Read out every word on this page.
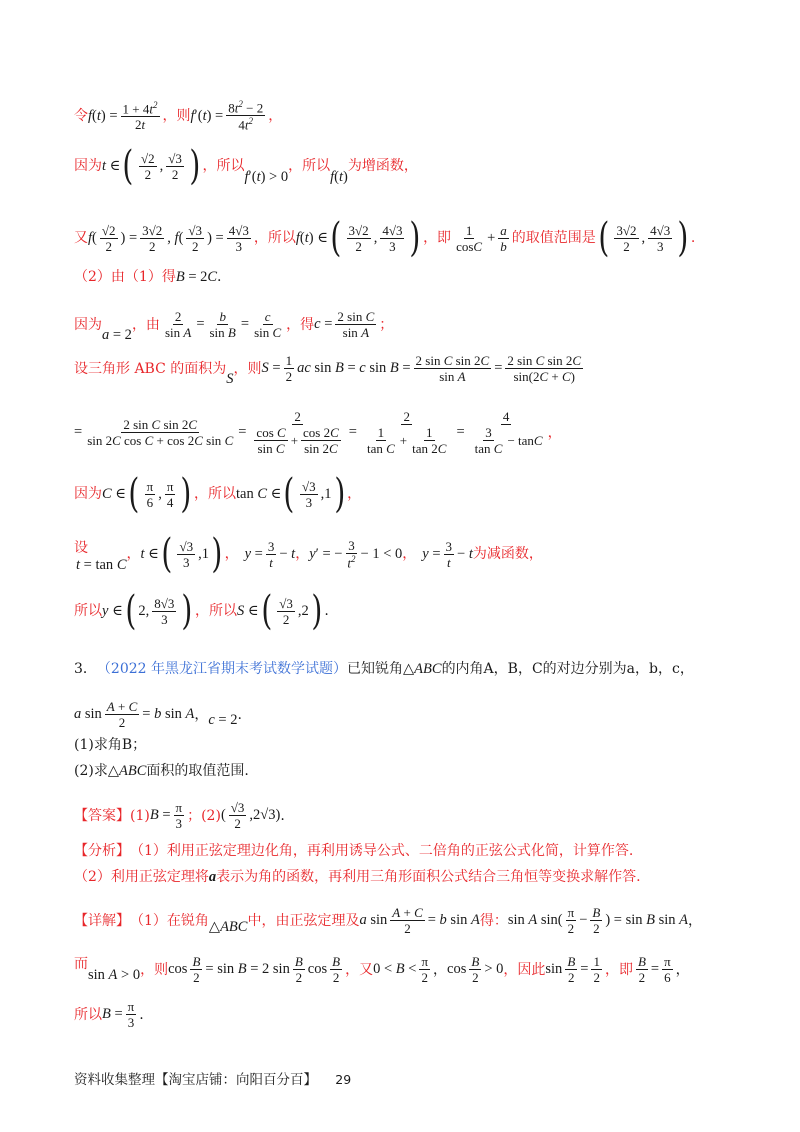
令 $f(t) = \frac{1 + 4t^2}{2t}$ ，则 $f'(t) = \frac{8t^2 - 2}{4t^2}$ ，
因为 t ∈ ( $\frac{√2}{2}$ , $\frac{√3}{2}$ ) ，所以
f′(t) > 0
，所以
f(t)
为增函数，
又 $f( \frac{√2}{2}$ ) = $\frac{3√2}{2}$ , $f( \frac{√3}{2}$ ) = $\frac{4√3}{3}$ ，所以 f(t) ∈ ( $\frac{3√2}{2}$ , $\frac{4√3}{3}$ ) ，即 $\frac{1}{\cos C} + \frac{a}{b}$ 的取值范围是 ( $\frac{3√2}{2}$ , $\frac{4√3}{3}$ ) .
（2）由（1）得 B = 2C .
因为
a = 2
，由 $\frac{2}{\text{sin A}} = \frac{b}{\text{sin B}} = \frac{c}{\text{sin C}}$ ，得 $c = \frac{\text{2 sin C}}{\text{sin A}}$ ；
设三角形 ABC 的面积为
S
，则 $S = \frac{1}{2}$ ac sin B = c $\sin B = \frac{\text{2 sin C sin 2C}}{\text{sin A}} = \frac{\text{2 sin C sin 2C}}{\sin(2C + C)}$
= $\frac{\text{2 sin C sin 2C}}{\text{sin 2C cos C + cos 2C sin C}} = \frac{2}{\frac{\text{cos C}}{\text{sin C}} + \frac{\cos 2C}{\sin 2C}} = \frac{2}{\frac{1}{\text{tan C}} + \frac{1}{\tan 2C}} = \frac{4}{\frac{3}{\text{tan C}} - \tan C}$ ，
因为 C ∈ ( $\frac{\pi}{6}$ , $\frac{\pi}{4}$ ) ，所以 tan C ∈ ( $\frac{√3}{3} ,1$ ) ，
设
t = tan C
， t ∈ ( $\frac{√3}{3} ,1$ ) ， $y = \frac{3}{t} - t$ ， y′ = − $\frac{3}{t^2} - 1 < 0$ ， $y = \frac{3}{t} - t$ 为减函数，
所以 y ∈ ( 2, $\frac{8√3}{3}$ ) ，所以 S ∈ ( $\frac{√3}{2} ,2$ ) .
3． （2022 年黑龙江省期末考试数学试题） 已知锐角 △ABC 的内角A，B，C的对边分别为a，b，c，
a $\sin \frac{A + C}{2} = b$ sin A ， c = 2 .
(1)求角B；
(2)求 △ABC 面积的取值范围.
【答案】 (1) $B = \frac{\pi}{3}$ ；(2) ( $\frac{√3}{2} ,2√3$) .
【分析】 （1）利用正弦定理边化角，再利用诱导公式、二倍角的正弦公式化简，计算作答.
（2）利用正弦定理将 a 表示为角的函数，再利用三角形面积公式结合三角恒等变换求解作答.
【详解】 （1）在锐角 △ABC 中，由正弦定理及 a $\sin \frac{A + C}{2} = b$ sin A 得： sin A $\sin( \frac{\pi}{2} - \frac{B}{2}$ ) = sin B sin A ，
而
sin A > 0 ，则 $\cos \frac{B}{2} = \sin B = 2$ $\sin \frac{B}{2}$ $\cos \frac{B}{2}$ ，又 $0 < B < \frac{\pi}{2}$ ， $\cos \frac{B}{2} > 0$ ，因此 $\sin \frac{B}{2} = \frac{1}{2}$ ，即 $\frac{B}{2} = \frac{\pi}{6}$ ，
所以 $B = \frac{\pi}{3}$ .
资料收集整理【淘宝店铺：向阳百分百】 29
